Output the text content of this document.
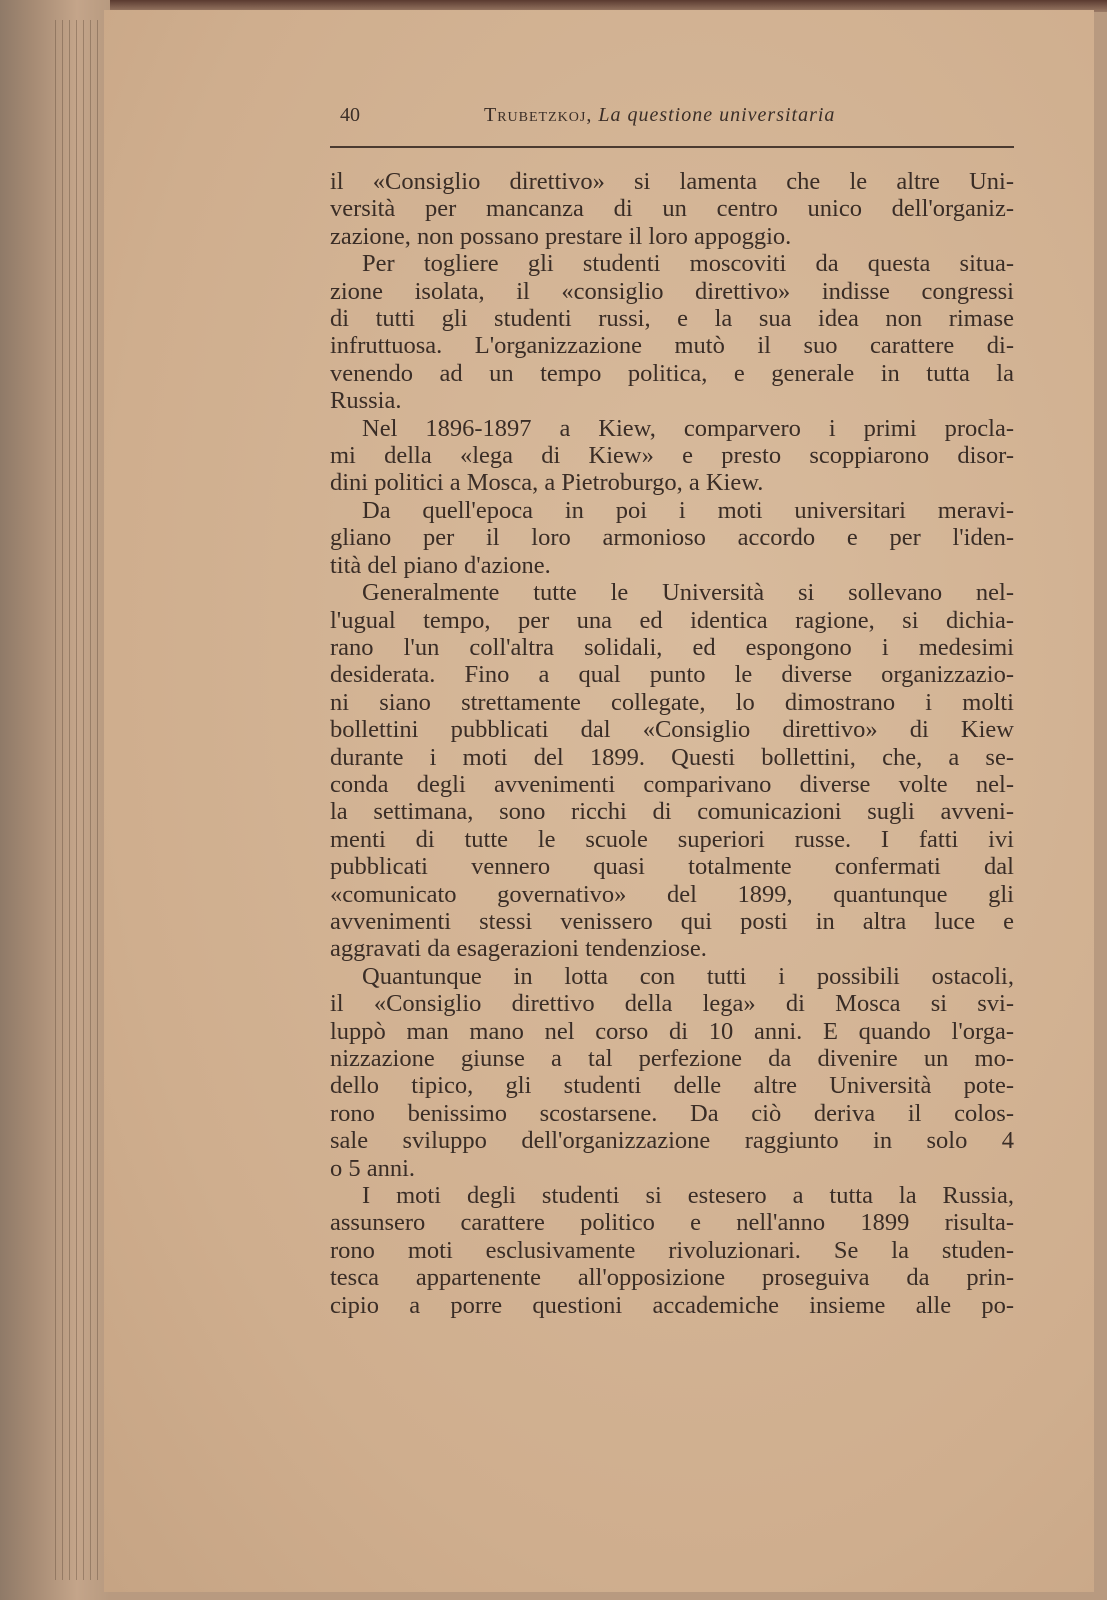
40	Trubetzkoj, La questione universitaria

il «Consiglio direttivo» si lamenta che le altre Uni-

versità per mancanza di un centro unico dell'organiz-

zazione, non possano prestare il loro appoggio.

Per togliere gli studenti moscoviti da questa situa-

zione isolata, il «consiglio direttivo» indisse congressi

di tutti gli studenti russi, e la sua idea non rimase

infruttuosa. L'organizzazione mutò il suo carattere di-

venendo ad un tempo politica, e generale in tutta la

Russia.

Nel 1896-1897 a Kiew, comparvero i primi procla-

mi della «lega di Kiew» e presto scoppiarono disor-

dini politici a Mosca, a Pietroburgo, a Kiew.

Da quell'epoca in poi i moti universitari meravi-

gliano per il loro armonioso accordo e per l'iden-

tità del piano d'azione.

Generalmente tutte le Università si sollevano nel-

l'ugual tempo, per una ed identica ragione, si dichia-

rano l'un coll'altra solidali, ed espongono i medesimi

desiderata. Fino a qual punto le diverse organizzazio-

ni siano strettamente collegate, lo dimostrano i molti

bollettini pubblicati dal «Consiglio direttivo» di Kiew

durante i moti del 1899. Questi bollettini, che, a se-

conda degli avvenimenti comparivano diverse volte nel-

la settimana, sono ricchi di comunicazioni sugli avveni-

menti di tutte le scuole superiori russe. I fatti ivi

pubblicati vennero quasi totalmente confermati dal

«comunicato governativo» del 1899, quantunque gli

avvenimenti stessi venissero qui posti in altra luce e

aggravati da esagerazioni tendenziose.

Quantunque in lotta con tutti i possibili ostacoli,

il «Consiglio direttivo della lega» di Mosca si svi-

luppò man mano nel corso di 10 anni. E quando l'orga-

nizzazione giunse a tal perfezione da divenire un mo-

dello tipico, gli studenti delle altre Università pote-

rono benissimo scostarsene. Da ciò deriva il colos-

sale sviluppo dell'organizzazione raggiunto in solo 4

o 5 anni.

I moti degli studenti si estesero a tutta la Russia,

assunsero carattere politico e nell'anno 1899 risulta-

rono moti esclusivamente rivoluzionari. Se la studen-

tesca appartenente all'opposizione proseguiva da prin-

cipio a porre questioni accademiche insieme alle po-
